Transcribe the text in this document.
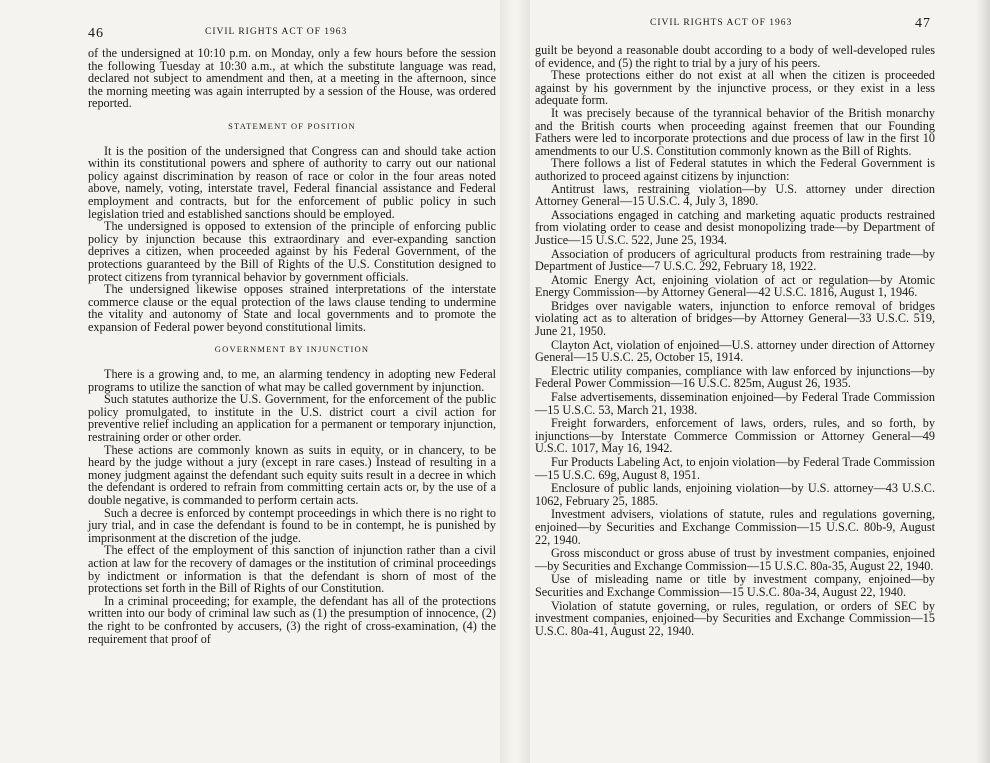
46	CIVIL RIGHTS ACT OF 1963

of the undersigned at 10:10 p.m. on Monday, only a few hours before the session the following Tuesday at 10:30 a.m., at which the substitute language was read, declared not subject to amendment and then, at a meeting in the afternoon, since the morning meeting was again interrupted by a session of the House, was ordered reported.

STATEMENT OF POSITION

It is the position of the undersigned that Congress can and should take action within its constitutional powers and sphere of authority to carry out our national policy against discrimination by reason of race or color in the four areas noted above, namely, voting, interstate travel, Federal financial assistance and Federal employment and contracts, but for the enforcement of public policy in such legislation tried and established sanctions should be employed.

The undersigned is opposed to extension of the principle of enforcing public policy by injunction because this extraordinary and ever-expanding sanction deprives a citizen, when proceeded against by his Federal Government, of the protections guaranteed by the Bill of Rights of the U.S. Constitution designed to protect citizens from tyrannical behavior by government officials.

The undersigned likewise opposes strained interpretations of the interstate commerce clause or the equal protection of the laws clause tending to undermine the vitality and autonomy of State and local governments and to promote the expansion of Federal power beyond constitutional limits.

GOVERNMENT BY INJUNCTION

There is a growing and, to me, an alarming tendency in adopting new Federal programs to utilize the sanction of what may be called government by injunction.

Such statutes authorize the U.S. Government, for the enforcement of the public policy promulgated, to institute in the U.S. district court a civil action for preventive relief including an application for a permanent or temporary injunction, restraining order or other order.

These actions are commonly known as suits in equity, or in chancery, to be heard by the judge without a jury (except in rare cases.) Instead of resulting in a money judgment against the defendant such equity suits result in a decree in which the defendant is ordered to refrain from committing certain acts or, by the use of a double negative, is commanded to perform certain acts.

Such a decree is enforced by contempt proceedings in which there is no right to jury trial, and in case the defendant is found to be in contempt, he is punished by imprisonment at the discretion of the judge.

The effect of the employment of this sanction of injunction rather than a civil action at law for the recovery of damages or the institution of criminal proceedings by indictment or information is that the defendant is shorn of most of the protections set forth in the Bill of Rights of our Constitution.

In a criminal proceeding; for example, the defendant has all of the protections written into our body of criminal law such as (1) the presumption of innocence, (2) the right to be confronted by accusers, (3) the right of cross-examination, (4) the requirement that proof of

CIVIL RIGHTS ACT OF 1963	47

guilt be beyond a reasonable doubt according to a body of well-developed rules of evidence, and (5) the right to trial by a jury of his peers.

These protections either do not exist at all when the citizen is proceeded against by his government by the injunctive process, or they exist in a less adequate form.

It was precisely because of the tyrannical behavior of the British monarchy and the British courts when proceeding against freemen that our Founding Fathers were led to incorporate protections and due process of law in the first 10 amendments to our U.S. Constitution commonly known as the Bill of Rights.

There follows a list of Federal statutes in which the Federal Government is authorized to proceed against citizens by injunction:

Antitrust laws, restraining violation—by U.S. attorney under direction Attorney General—15 U.S.C. 4, July 3, 1890.

Associations engaged in catching and marketing aquatic products restrained from violating order to cease and desist monopolizing trade—by Department of Justice—15 U.S.C. 522, June 25, 1934.

Association of producers of agricultural products from restraining trade—by Department of Justice—7 U.S.C. 292, February 18, 1922.

Atomic Energy Act, enjoining violation of act or regulation—by Atomic Energy Commission—by Attorney General—42 U.S.C. 1816, August 1, 1946.

Bridges over navigable waters, injunction to enforce removal of bridges violating act as to alteration of bridges—by Attorney General—33 U.S.C. 519, June 21, 1950.

Clayton Act, violation of enjoined—U.S. attorney under direction of Attorney General—15 U.S.C. 25, October 15, 1914.

Electric utility companies, compliance with law enforced by injunctions—by Federal Power Commission—16 U.S.C. 825m, August 26, 1935.

False advertisements, dissemination enjoined—by Federal Trade Commission—15 U.S.C. 53, March 21, 1938.

Freight forwarders, enforcement of laws, orders, rules, and so forth, by injunctions—by Interstate Commerce Commission or Attorney General—49 U.S.C. 1017, May 16, 1942.

Fur Products Labeling Act, to enjoin violation—by Federal Trade Commission—15 U.S.C. 69g, August 8, 1951.

Enclosure of public lands, enjoining violation—by U.S. attorney—43 U.S.C. 1062, February 25, 1885.

Investment advisers, violations of statute, rules and regulations governing, enjoined—by Securities and Exchange Commission—15 U.S.C. 80b-9, August 22, 1940.

Gross misconduct or gross abuse of trust by investment companies, enjoined—by Securities and Exchange Commission—15 U.S.C. 80a-35, August 22, 1940.

Use of misleading name or title by investment company, enjoined—by Securities and Exchange Commission—15 U.S.C. 80a-34, August 22, 1940.

Violation of statute governing, or rules, regulation, or orders of SEC by investment companies, enjoined—by Securities and Exchange Commission—15 U.S.C. 80a-41, August 22, 1940.
